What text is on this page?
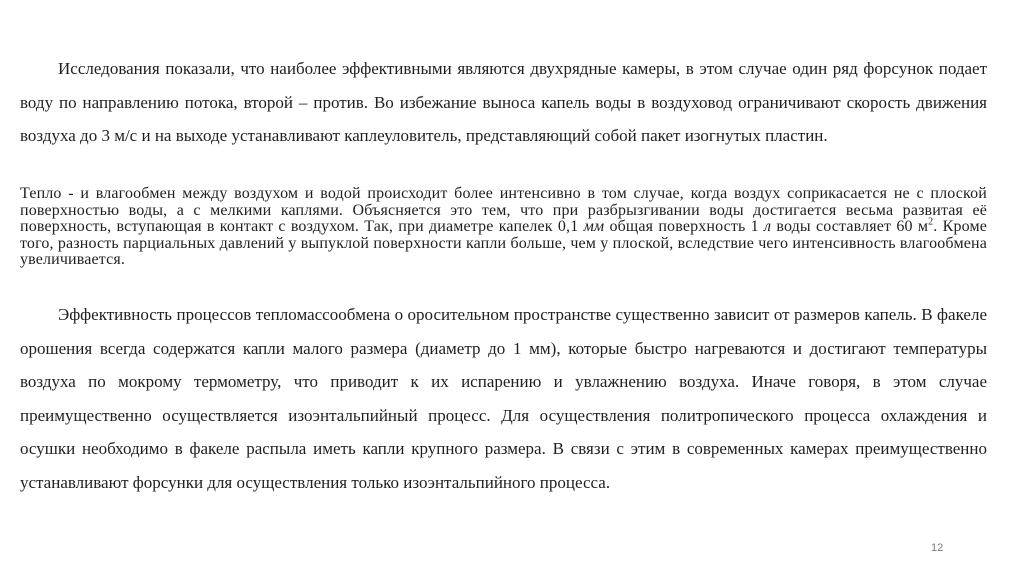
Исследования показали, что наиболее эффективными являются двухрядные камеры, в этом случае один ряд форсунок подает воду по направлению потока, второй – против. Во избежание выноса капель воды в воздуховод ограничивают скорость движения воздуха до 3 м/с и на выходе устанавливают каплеуловитель, представляющий собой пакет изогнутых пластин.

Тепло - и влагообмен между воздухом и водой происходит более интенсивно в том случае, когда воздух соприкасается не с плоской поверхностью воды, а с мелкими каплями. Объясняется это тем, что при разбрызгивании воды достигается весьма развитая её поверхность, вступающая в контакт с воздухом. Так, при диаметре капелек 0,1 мм общая поверхность 1 л воды составляет 60 $м^2$. Кроме того, разность парциальных давлений у выпуклой поверхности капли больше, чем у плоской, вследствие чего интенсивность влагообмена увеличивается.

Эффективность процессов тепломассообмена о оросительном пространстве существенно зависит от размеров капель. В факеле орошения всегда содержатся капли малого размера (диаметр до 1 мм), которые быстро нагреваются и достигают температуры воздуха по мокрому термометру, что приводит к их испарению и увлажнению воздуха. Иначе говоря, в этом случае преимущественно осуществляется изоэнтальпийный процесс. Для осуществления политропического процесса охлаждения и осушки необходимо в факеле распыла иметь капли крупного размера. В связи с этим в современных камерах преимущественно устанавливают форсунки для осуществления только изоэнтальпийного процесса.

12
